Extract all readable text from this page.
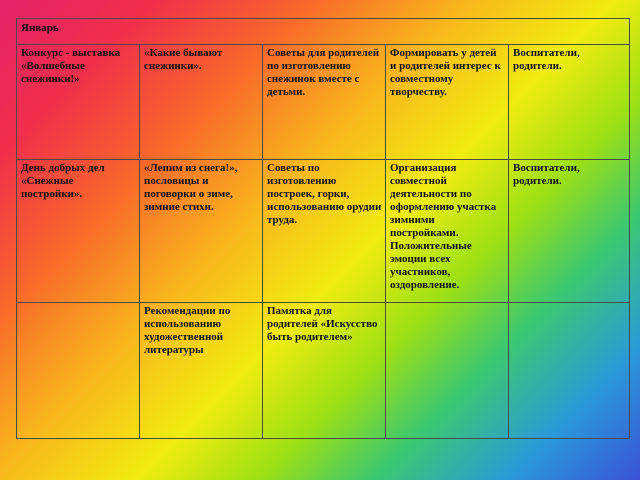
Январь
Конкурс - выставка «Волшебные снежинки!»
«Какие бывают снежинки».
Советы для родителей по изготовлению снежинок вместе с детьми.
Формировать у детей и родителей интерес к совместному творчеству.
Воспитатели, родители.
День добрых дел «Снежные постройки».
«Лепим из снега!», пословицы и поговорки о зиме, зимние стихи.
Советы по изготовлению построек, горки, использованию орудии труда.
Организация совместной деятельности по оформлению участка зимними постройками. Положительные эмоции всех участников, оздоровление.
Воспитатели, родители.
Рекомендации по использованию художественной литературы
Памятка для родителей «Искусство быть родителем»
